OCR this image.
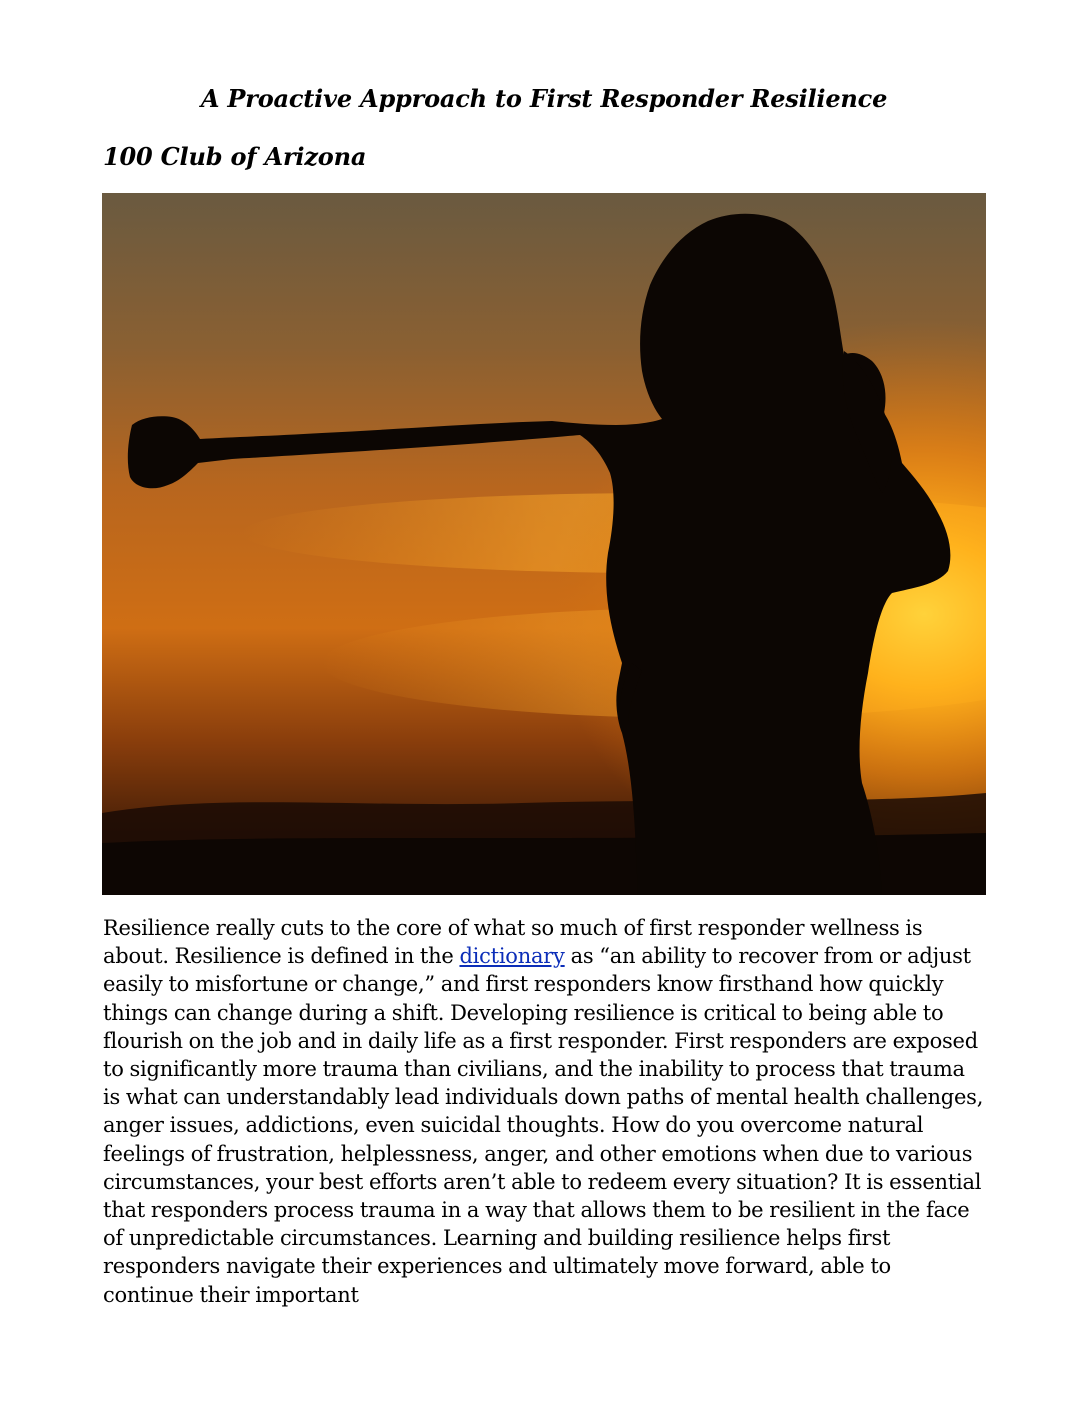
A Proactive Approach to First Responder Resilience
100 Club of Arizona

Resilience really cuts to the core of what so much of first responder wellness is about. Resilience is defined in the dictionary as “an ability to recover from or adjust easily to misfortune or change,” and first responders know firsthand how quickly things can change during a shift. Developing resilience is critical to being able to flourish on the job and in daily life as a first responder. First responders are exposed to significantly more trauma than civilians, and the inability to process that trauma is what can understandably lead individuals down paths of mental health challenges, anger issues, addictions, even suicidal thoughts. How do you overcome natural feelings of frustration, helplessness, anger, and other emotions when due to various circumstances, your best efforts aren’t able to redeem every situation? It is essential that responders process trauma in a way that allows them to be resilient in the face of unpredictable circumstances. Learning and building resilience helps first responders navigate their experiences and ultimately move forward, able to continue their important
